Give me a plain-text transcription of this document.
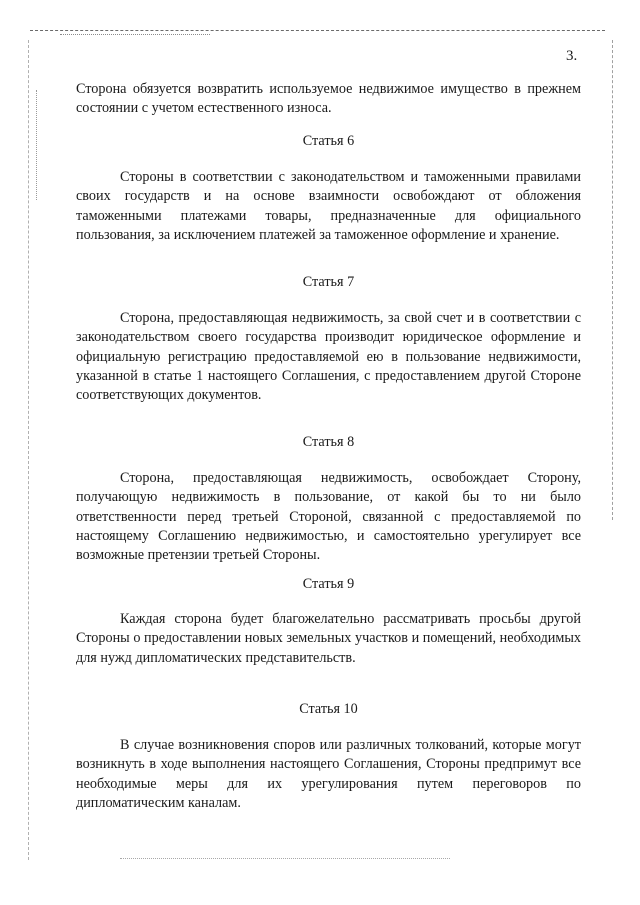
3.

Сторона обязуется возвратить используемое недвижимое имущество в прежнем состоянии с учетом естественного износа.

Статья 6

Стороны в соответствии с законодательством и таможенными правилами своих государств и на основе взаимности освобождают от обложения таможенными платежами товары, предназначенные для официального пользования, за исключением платежей за таможенное оформление и хранение.

Статья 7

Сторона, предоставляющая недвижимость, за свой счет и в соответствии с законодательством своего государства производит юридическое оформление и официальную регистрацию предоставляемой ею в пользование недвижимости, указанной в статье 1 настоящего Соглашения, с предоставлением другой Стороне соответствующих документов.

Статья 8

Сторона, предоставляющая недвижимость, освобождает Сторону, получающую недвижимость в пользование, от какой бы то ни было ответственности перед третьей Стороной, связанной с предоставляемой по настоящему Соглашению недвижимостью, и самостоятельно урегулирует все возможные претензии третьей Стороны.

Статья 9

Каждая сторона будет благожелательно рассматривать просьбы другой Стороны о предоставлении новых земельных участков и помещений, необходимых для нужд дипломатических представительств.

Статья 10

В случае возникновения споров или различных толкований, которые могут возникнуть в ходе выполнения настоящего Соглашения, Стороны предпримут все необходимые меры для их урегулирования путем переговоров по дипломатическим каналам.
